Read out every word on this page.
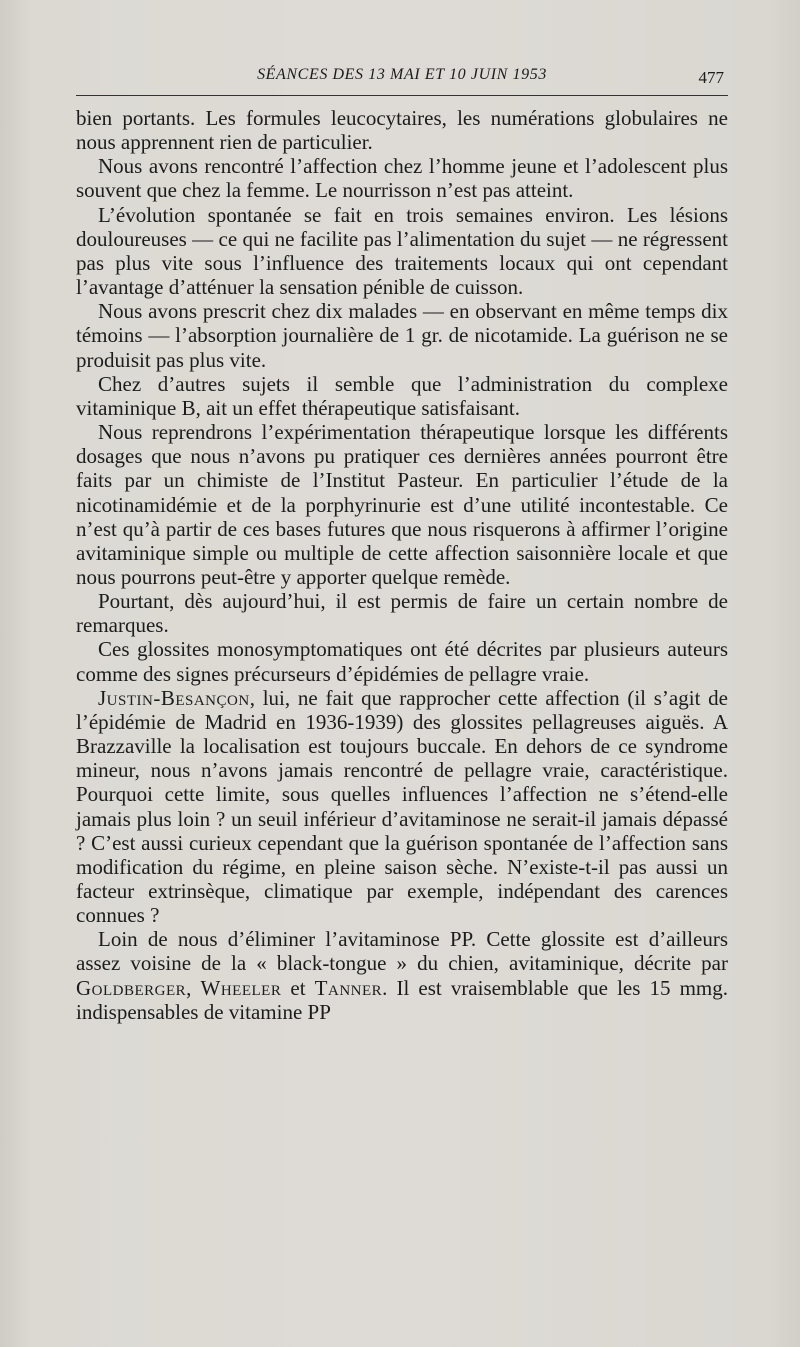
SÉANCES DES 13 MAI ET 10 JUIN 1953	477

bien portants. Les formules leucocytaires, les numérations globulaires ne nous apprennent rien de particulier.

Nous avons rencontré l’affection chez l’homme jeune et l’adolescent plus souvent que chez la femme. Le nourrisson n’est pas atteint.

L’évolution spontanée se fait en trois semaines environ. Les lésions douloureuses — ce qui ne facilite pas l’alimentation du sujet — ne régressent pas plus vite sous l’influence des traitements locaux qui ont cependant l’avantage d’atténuer la sensation pénible de cuisson.

Nous avons prescrit chez dix malades — en observant en même temps dix témoins — l’absorption journalière de 1 gr. de nicotamide. La guérison ne se produisit pas plus vite.

Chez d’autres sujets il semble que l’administration du complexe vitaminique B, ait un effet thérapeutique satisfaisant.

Nous reprendrons l’expérimentation thérapeutique lorsque les différents dosages que nous n’avons pu pratiquer ces dernières années pourront être faits par un chimiste de l’Institut Pasteur. En particulier l’étude de la nicotinamidémie et de la porphyrinurie est d’une utilité incontestable. Ce n’est qu’à partir de ces bases futures que nous risquerons à affirmer l’origine avitaminique simple ou multiple de cette affection saisonnière locale et que nous pourrons peut-être y apporter quelque remède.

Pourtant, dès aujourd’hui, il est permis de faire un certain nombre de remarques.

Ces glossites monosymptomatiques ont été décrites par plusieurs auteurs comme des signes précurseurs d’épidémies de pellagre vraie.

Justin-Besançon, lui, ne fait que rapprocher cette affection (il s’agit de l’épidémie de Madrid en 1936-1939) des glossites pellagreuses aiguës. A Brazzaville la localisation est toujours buccale. En dehors de ce syndrome mineur, nous n’avons jamais rencontré de pellagre vraie, caractéristique. Pourquoi cette limite, sous quelles influences l’affection ne s’étend-elle jamais plus loin ? un seuil inférieur d’avitaminose ne serait-il jamais dépassé ? C’est aussi curieux cependant que la guérison spontanée de l’affection sans modification du régime, en pleine saison sèche. N’existe-t-il pas aussi un facteur extrinsèque, climatique par exemple, indépendant des carences connues ?

Loin de nous d’éliminer l’avitaminose PP. Cette glossite est d’ailleurs assez voisine de la « black-tongue » du chien, avitaminique, décrite par Goldberger, Wheeler et Tanner. Il est vraisemblable que les 15 mmg. indispensables de vitamine PP
